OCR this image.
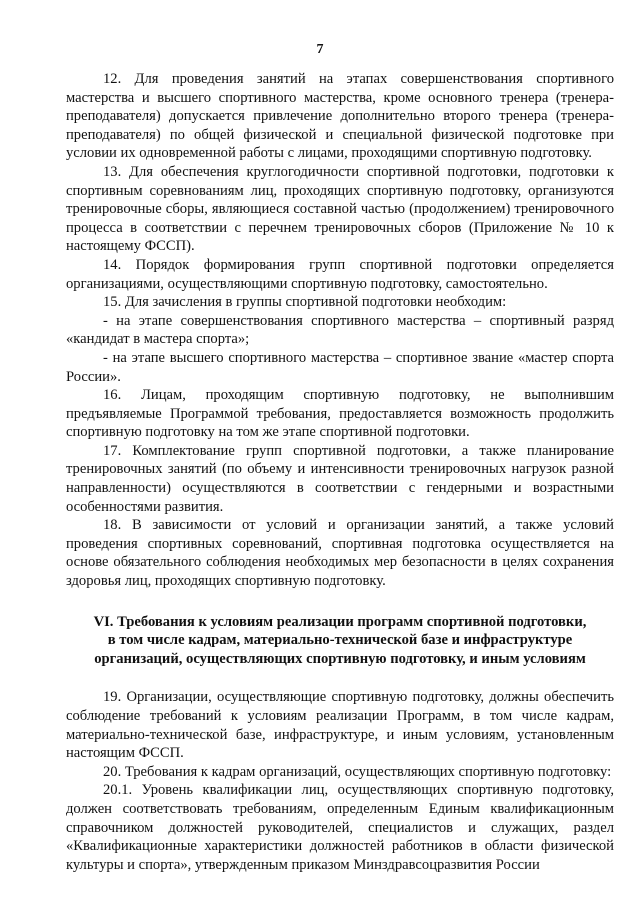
7

12. Для проведения занятий на этапах совершенствования спортивного мастерства и высшего спортивного мастерства, кроме основного тренера (тренера-преподавателя) допускается привлечение дополнительно второго тренера (тренера-преподавателя) по общей физической и специальной физической подготовке при условии их одновременной работы с лицами, проходящими спортивную подготовку.

13. Для обеспечения круглогодичности спортивной подготовки, подготовки к спортивным соревнованиям лиц, проходящих спортивную подготовку, организуются тренировочные сборы, являющиеся составной частью (продолжением) тренировочного процесса в соответствии с перечнем тренировочных сборов (Приложение № 10 к настоящему ФССП).

14. Порядок формирования групп спортивной подготовки определяется организациями, осуществляющими спортивную подготовку, самостоятельно.

15. Для зачисления в группы спортивной подготовки необходим:

- на этапе совершенствования спортивного мастерства – спортивный разряд «кандидат в мастера спорта»;

- на этапе высшего спортивного мастерства – спортивное звание «мастер спорта России».

16. Лицам, проходящим спортивную подготовку, не выполнившим предъявляемые Программой требования, предоставляется возможность продолжить спортивную подготовку на том же этапе спортивной подготовки.

17. Комплектование групп спортивной подготовки, а также планирование тренировочных занятий (по объему и интенсивности тренировочных нагрузок разной направленности) осуществляются в соответствии с гендерными и возрастными особенностями развития.

18. В зависимости от условий и организации занятий, а также условий проведения спортивных соревнований, спортивная подготовка осуществляется на основе обязательного соблюдения необходимых мер безопасности в целях сохранения здоровья лиц, проходящих спортивную подготовку.

VI. Требования к условиям реализации программ спортивной подготовки,
в том числе кадрам, материально-технической базе и инфраструктуре
организаций, осуществляющих спортивную подготовку, и иным условиям

19. Организации, осуществляющие спортивную подготовку, должны обеспечить соблюдение требований к условиям реализации Программ, в том числе кадрам, материально-технической базе, инфраструктуре, и иным условиям, установленным настоящим ФССП.

20. Требования к кадрам организаций, осуществляющих спортивную подготовку:

20.1. Уровень квалификации лиц, осуществляющих спортивную подготовку, должен соответствовать требованиям, определенным Единым квалификационным справочником должностей руководителей, специалистов и служащих, раздел «Квалификационные характеристики должностей работников в области физической культуры и спорта», утвержденным приказом Минздравсоцразвития России
